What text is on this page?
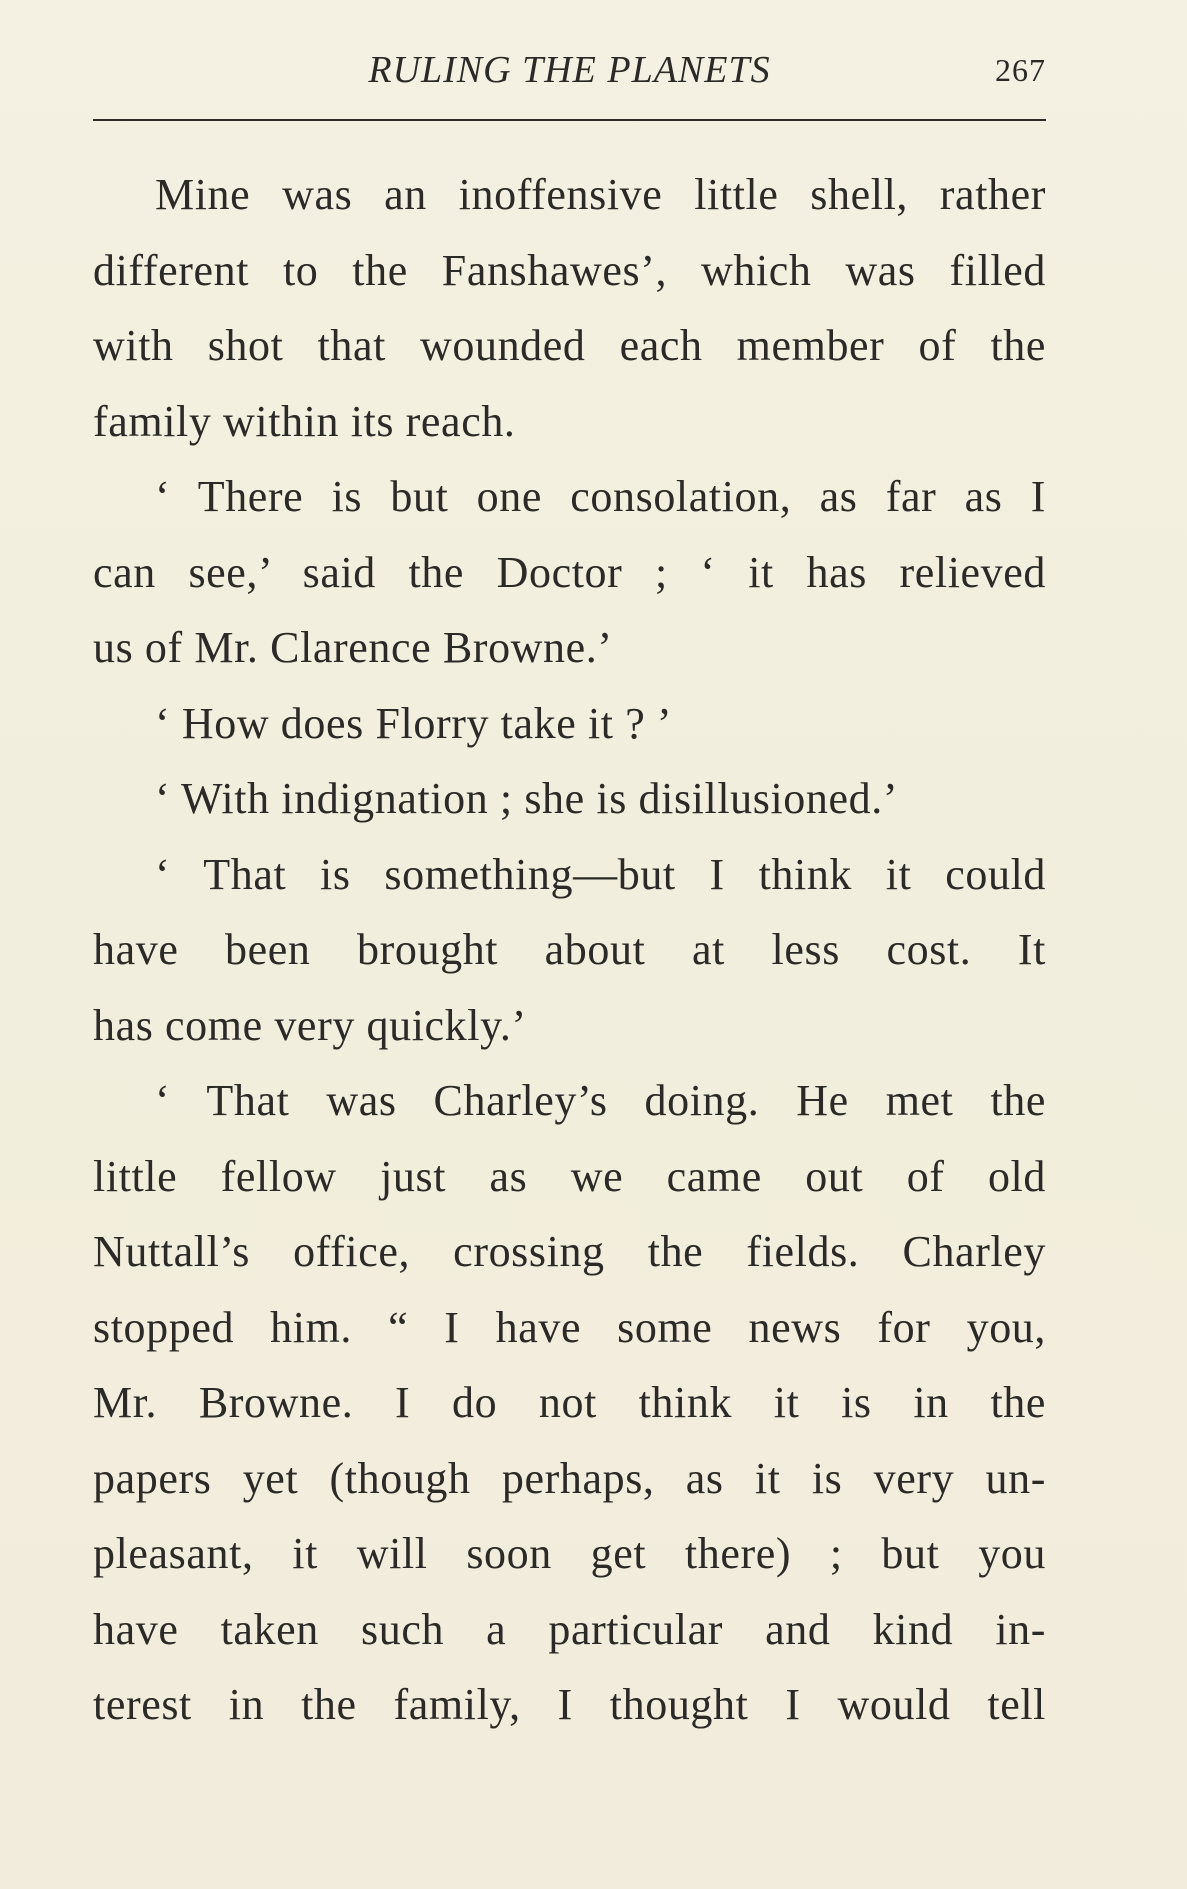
RULING THE PLANETS	267
Mine was an inoffensive little shell, rather
different to the Fanshawes’, which was filled
with shot that wounded each member of the
family within its reach.
‘ There is but one consolation, as far as I
can see,’ said the Doctor ; ‘ it has relieved
us of Mr. Clarence Browne.’
‘ How does Florry take it ? ’
‘ With indignation ; she is disillusioned.’
‘ That is something—but I think it could
have been brought about at less cost. It
has come very quickly.’
‘ That was Charley’s doing. He met the
little fellow just as we came out of old
Nuttall’s office, crossing the fields. Charley
stopped him. “ I have some news for you,
Mr. Browne. I do not think it is in the
papers yet (though perhaps, as it is very un-
pleasant, it will soon get there) ; but you
have taken such a particular and kind in-
terest in the family, I thought I would tell
